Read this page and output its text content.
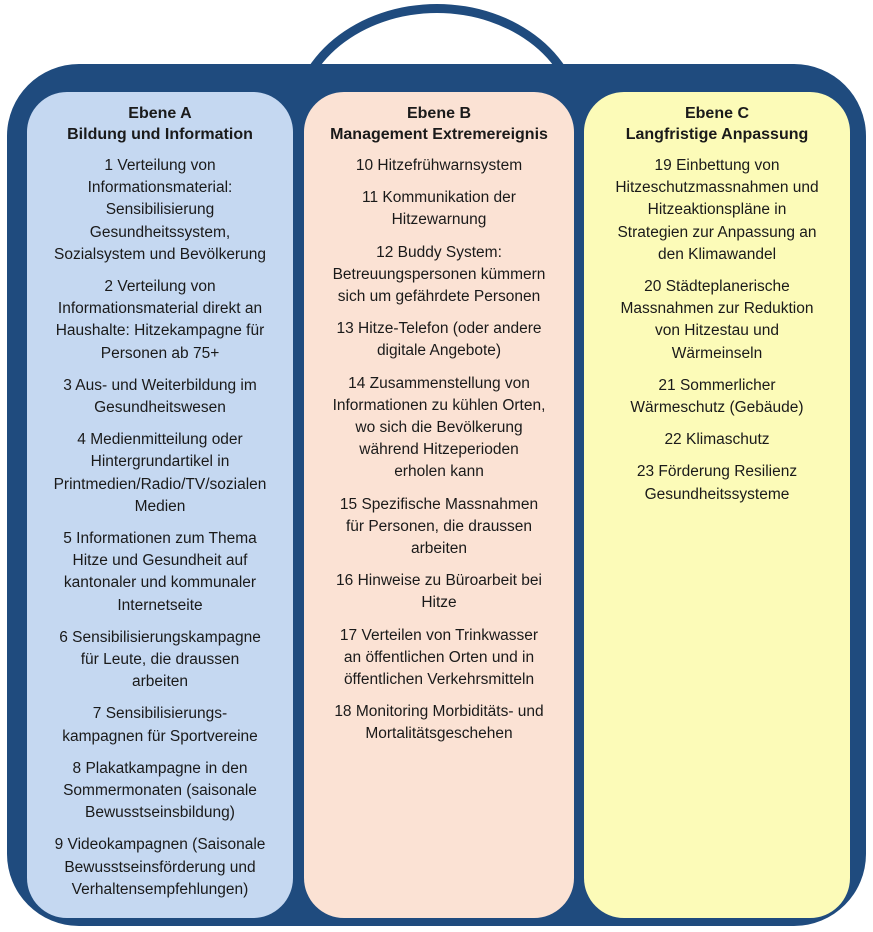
Ebene A
Bildung und Information
1 Verteilung von
Informationsmaterial:
Sensibilisierung
Gesundheitssystem,
Sozialsystem und Bevölkerung
2 Verteilung von
Informationsmaterial direkt an
Haushalte: Hitzekampagne für
Personen ab 75+
3 Aus- und Weiterbildung im
Gesundheitswesen
4 Medienmitteilung oder
Hintergrundartikel in
Printmedien/Radio/TV/sozialen
Medien
5 Informationen zum Thema
Hitze und Gesundheit auf
kantonaler und kommunaler
Internetseite
6 Sensibilisierungskampagne
für Leute, die draussen
arbeiten
7 Sensibilisierungs-
kampagnen für Sportvereine
8 Plakatkampagne in den
Sommermonaten (saisonale
Bewusstseinsbildung)
9 Videokampagnen (Saisonale
Bewusstseinsförderung und
Verhaltensempfehlungen)
Ebene B
Management Extremereignis
10 Hitzefrühwarnsystem
11 Kommunikation der
Hitzewarnung
12 Buddy System:
Betreuungspersonen kümmern
sich um gefährdete Personen
13 Hitze-Telefon (oder andere
digitale Angebote)
14 Zusammenstellung von
Informationen zu kühlen Orten,
wo sich die Bevölkerung
während Hitzeperioden
erholen kann
15 Spezifische Massnahmen
für Personen, die draussen
arbeiten
16 Hinweise zu Büroarbeit bei
Hitze
17 Verteilen von Trinkwasser
an öffentlichen Orten und in
öffentlichen Verkehrsmitteln
18 Monitoring Morbiditäts- und
Mortalitätsgeschehen
Ebene C
Langfristige Anpassung
19 Einbettung von
Hitzeschutzmassnahmen und
Hitzeaktionspläne in
Strategien zur Anpassung an
den Klimawandel
20 Städteplanerische
Massnahmen zur Reduktion
von Hitzestau und
Wärmeinseln
21 Sommerlicher
Wärmeschutz (Gebäude)
22 Klimaschutz
23 Förderung Resilienz
Gesundheitssysteme
